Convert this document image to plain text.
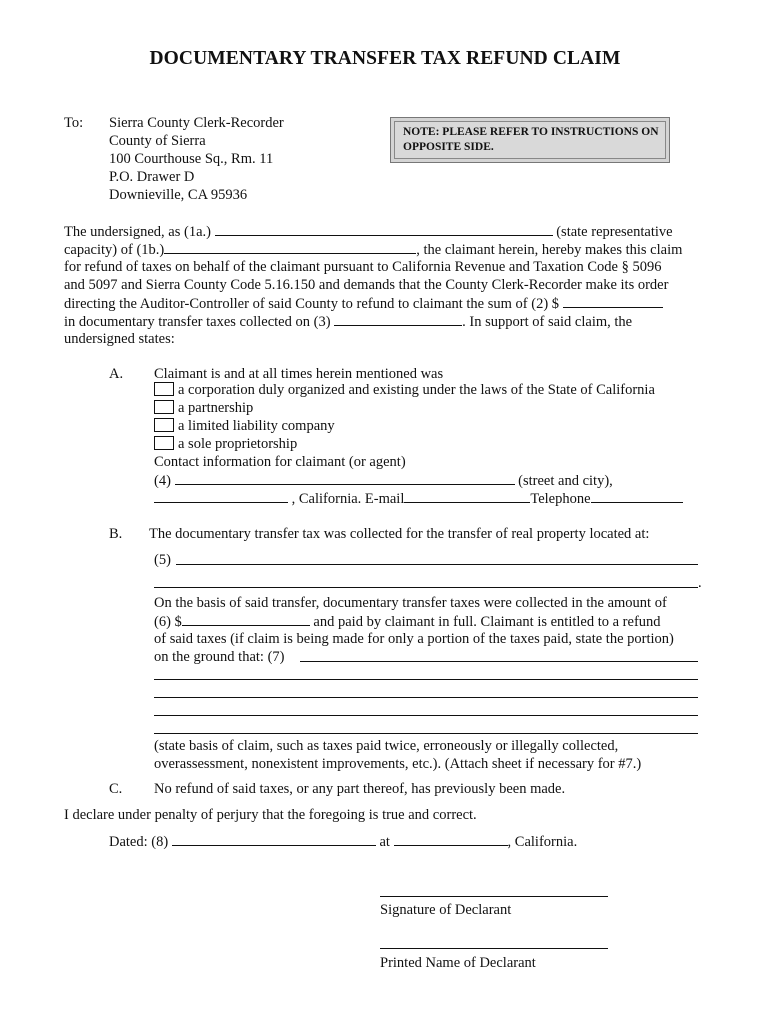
DOCUMENTARY TRANSFER TAX REFUND CLAIM
To: Sierra County Clerk-Recorder
County of Sierra
100 Courthouse Sq., Rm. 11
P.O. Drawer D
Downieville, CA 95936
NOTE: PLEASE REFER TO INSTRUCTIONS ON OPPOSITE SIDE.
The undersigned, as (1a.)	(state representative
capacity) of (1b.)	, the claimant herein, hereby makes this claim
for refund of taxes on behalf of the claimant pursuant to California Revenue and Taxation Code § 5096
and 5097 and Sierra County Code 5.16.150 and demands that the County Clerk-Recorder make its order
directing the Auditor-Controller of said County to refund to claimant the sum of (2) $
in documentary transfer taxes collected on (3)	. In support of said claim, the
undersigned states:
A. Claimant is and at all times herein mentioned was
a corporation duly organized and existing under the laws of the State of California
a partnership
a limited liability company
a sole proprietorship
Contact information for claimant (or agent)
(4)	(street and city),
, California. E-mail	Telephone
B. The documentary transfer tax was collected for the transfer of real property located at:
(5)
.
On the basis of said transfer, documentary transfer taxes were collected in the amount of
(6) $	and paid by claimant in full. Claimant is entitled to a refund
of said taxes (if claim is being made for only a portion of the taxes paid, state the portion)
on the ground that: (7)
(state basis of claim, such as taxes paid twice, erroneously or illegally collected,
overassessment, nonexistent improvements, etc.). (Attach sheet if necessary for #7.)
C. No refund of said taxes, or any part thereof, has previously been made.
I declare under penalty of perjury that the foregoing is true and correct.
Dated: (8)	at	, California.
Signature of Declarant
Printed Name of Declarant
